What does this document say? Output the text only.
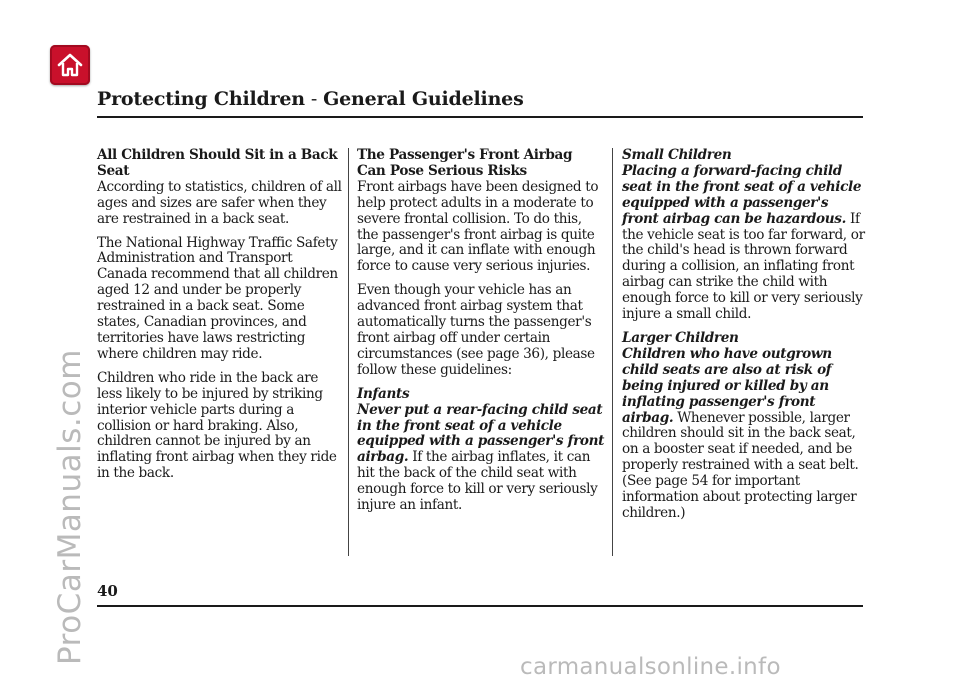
Protecting Children - General Guidelines

All Children Should Sit in a Back Seat
According to statistics, children of all ages and sizes are safer when they are restrained in a back seat.

The National Highway Traffic Safety Administration and Transport Canada recommend that all children aged 12 and under be properly restrained in a back seat. Some states, Canadian provinces, and territories have laws restricting where children may ride.

Children who ride in the back are less likely to be injured by striking interior vehicle parts during a collision or hard braking. Also, children cannot be injured by an inflating front airbag when they ride in the back.

The Passenger's Front Airbag Can Pose Serious Risks
Front airbags have been designed to help protect adults in a moderate to severe frontal collision. To do this, the passenger's front airbag is quite large, and it can inflate with enough force to cause very serious injuries.

Even though your vehicle has an advanced front airbag system that automatically turns the passenger's front airbag off under certain circumstances (see page 36), please follow these guidelines:

Infants
Never put a rear-facing child seat in the front seat of a vehicle equipped with a passenger's front airbag. If the airbag inflates, it can hit the back of the child seat with enough force to kill or very seriously injure an infant.

Small Children
Placing a forward-facing child seat in the front seat of a vehicle equipped with a passenger's front airbag can be hazardous. If the vehicle seat is too far forward, or the child's head is thrown forward during a collision, an inflating front airbag can strike the child with enough force to kill or very seriously injure a small child.

Larger Children
Children who have outgrown child seats are also at risk of being injured or killed by an inflating passenger's front airbag. Whenever possible, larger children should sit in the back seat, on a booster seat if needed, and be properly restrained with a seat belt. (See page 54 for important information about protecting larger children.)

40
ProCarManuals.com
carmanualsonline.info
